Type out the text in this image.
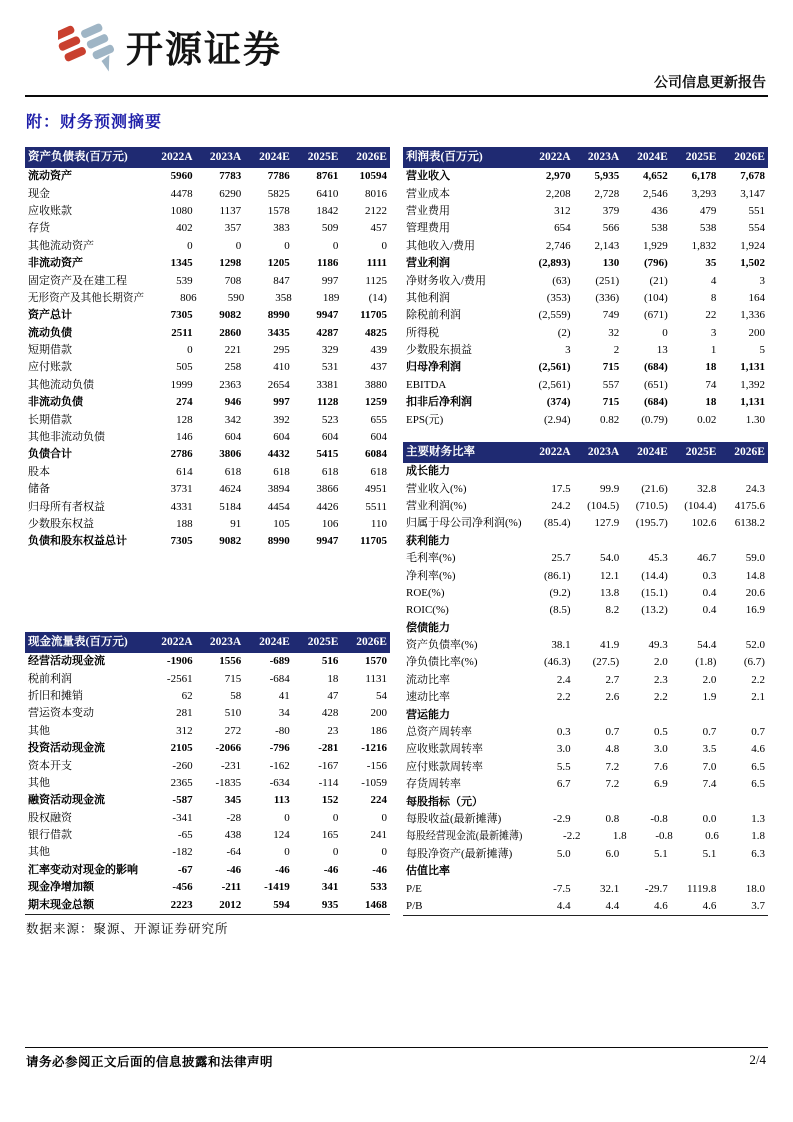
开源证券
公司信息更新报告
附：财务预测摘要
资产负债表(百万元)	2022A	2023A	2024E	2025E	2026E
流动资产	5960	7783	7786	8761	10594
现金	4478	6290	5825	6410	8016
应收账款	1080	1137	1578	1842	2122
存货	402	357	383	509	457
其他流动资产	0	0	0	0	0
非流动资产	1345	1298	1205	1186	1111
固定资产及在建工程	539	708	847	997	1125
无形资产及其他长期资产	806	590	358	189	(14)
资产总计	7305	9082	8990	9947	11705
流动负债	2511	2860	3435	4287	4825
短期借款	0	221	295	329	439
应付账款	505	258	410	531	437
其他流动负债	1999	2363	2654	3381	3880
非流动负债	274	946	997	1128	1259
长期借款	128	342	392	523	655
其他非流动负债	146	604	604	604	604
负债合计	2786	3806	4432	5415	6084
股本	614	618	618	618	618
储备	3731	4624	3894	3866	4951
归母所有者权益	4331	5184	4454	4426	5511
少数股东权益	188	91	105	106	110
负债和股东权益总计	7305	9082	8990	9947	11705
利润表(百万元)	2022A	2023A	2024E	2025E	2026E
营业收入	2,970	5,935	4,652	6,178	7,678
营业成本	2,208	2,728	2,546	3,293	3,147
营业费用	312	379	436	479	551
管理费用	654	566	538	538	554
其他收入/费用	2,746	2,143	1,929	1,832	1,924
营业利润	(2,893)	130	(796)	35	1,502
净财务收入/费用	(63)	(251)	(21)	4	3
其他利润	(353)	(336)	(104)	8	164
除税前利润	(2,559)	749	(671)	22	1,336
所得税	(2)	32	0	3	200
少数股东损益	3	2	13	1	5
归母净利润	(2,561)	715	(684)	18	1,131
EBITDA	(2,561)	557	(651)	74	1,392
扣非后净利润	(374)	715	(684)	18	1,131
EPS(元)	(2.94)	0.82	(0.79)	0.02	1.30
主要财务比率	2022A	2023A	2024E	2025E	2026E
成长能力
营业收入(%)	17.5	99.9	(21.6)	32.8	24.3
营业利润(%)	24.2	(104.5)	(710.5)	(104.4)	4175.6
归属于母公司净利润(%)	(85.4)	127.9	(195.7)	102.6	6138.2
获利能力
毛利率(%)	25.7	54.0	45.3	46.7	59.0
净利率(%)	(86.1)	12.1	(14.4)	0.3	14.8
ROE(%)	(9.2)	13.8	(15.1)	0.4	20.6
ROIC(%)	(8.5)	8.2	(13.2)	0.4	16.9
偿债能力
资产负债率(%)	38.1	41.9	49.3	54.4	52.0
净负债比率(%)	(46.3)	(27.5)	2.0	(1.8)	(6.7)
流动比率	2.4	2.7	2.3	2.0	2.2
速动比率	2.2	2.6	2.2	1.9	2.1
营运能力
总资产周转率	0.3	0.7	0.5	0.7	0.7
应收账款周转率	3.0	4.8	3.0	3.5	4.6
应付账款周转率	5.5	7.2	7.6	7.0	6.5
存货周转率	6.7	7.2	6.9	7.4	6.5
每股指标（元）
每股收益(最新摊薄)	-2.9	0.8	-0.8	0.0	1.3
每股经营现金流(最新摊薄)	-2.2	1.8	-0.8	0.6	1.8
每股净资产(最新摊薄)	5.0	6.0	5.1	5.1	6.3
估值比率
P/E	-7.5	32.1	-29.7	1119.8	18.0
P/B	4.4	4.4	4.6	4.6	3.7
现金流量表(百万元)	2022A	2023A	2024E	2025E	2026E
经营活动现金流	-1906	1556	-689	516	1570
税前利润	-2561	715	-684	18	1131
折旧和摊销	62	58	41	47	54
营运资本变动	281	510	34	428	200
其他	312	272	-80	23	186
投资活动现金流	2105	-2066	-796	-281	-1216
资本开支	-260	-231	-162	-167	-156
其他	2365	-1835	-634	-114	-1059
融资活动现金流	-587	345	113	152	224
股权融资	-341	-28	0	0	0
银行借款	-65	438	124	165	241
其他	-182	-64	0	0	0
汇率变动对现金的影响	-67	-46	-46	-46	-46
现金净增加额	-456	-211	-1419	341	533
期末现金总额	2223	2012	594	935	1468
数据来源：聚源、开源证券研究所
请务必参阅正文后面的信息披露和法律声明	2/4
